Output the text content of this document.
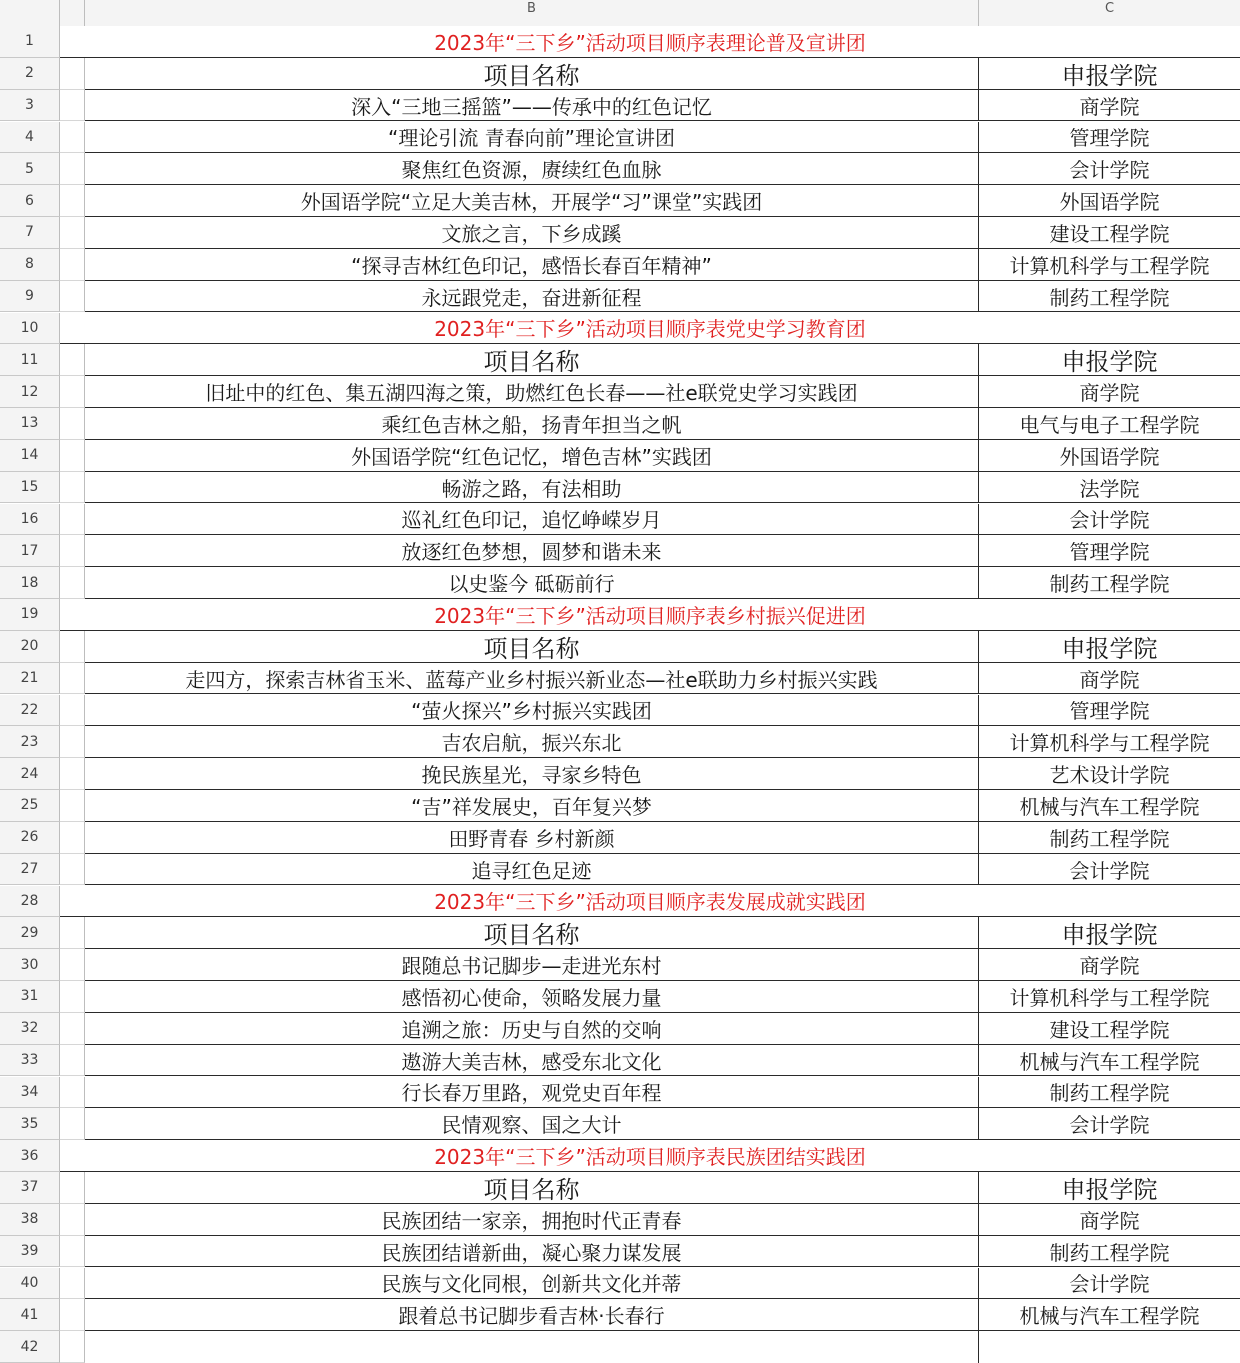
B	C
1	2023年“三下乡”活动项目顺序表理论普及宣讲团
2	项目名称	申报学院
3	深入“三地三摇篮”——传承中的红色记忆	商学院
4	“理论引流 青春向前”理论宣讲团	管理学院
5	聚焦红色资源，赓续红色血脉	会计学院
6	外国语学院“立足大美吉林，开展学“习”课堂”实践团	外国语学院
7	文旅之言，下乡成蹊	建设工程学院
8	“探寻吉林红色印记，感悟长春百年精神”	计算机科学与工程学院
9	永远跟党走，奋进新征程	制药工程学院
10	2023年“三下乡”活动项目顺序表党史学习教育团
11	项目名称	申报学院
12	旧址中的红色、集五湖四海之策，助燃红色长春——社e联党史学习实践团	商学院
13	乘红色吉林之船，扬青年担当之帆	电气与电子工程学院
14	外国语学院“红色记忆，增色吉林”实践团	外国语学院
15	畅游之路，有法相助	法学院
16	巡礼红色印记，追忆峥嵘岁月	会计学院
17	放逐红色梦想，圆梦和谐未来	管理学院
18	以史鉴今 砥砺前行	制药工程学院
19	2023年“三下乡”活动项目顺序表乡村振兴促进团
20	项目名称	申报学院
21	走四方，探索吉林省玉米、蓝莓产业乡村振兴新业态—社e联助力乡村振兴实践	商学院
22	“萤火探兴”乡村振兴实践团	管理学院
23	吉农启航，振兴东北	计算机科学与工程学院
24	挽民族星光，寻家乡特色	艺术设计学院
25	“吉”祥发展史，百年复兴梦	机械与汽车工程学院
26	田野青春 乡村新颜	制药工程学院
27	追寻红色足迹	会计学院
28	2023年“三下乡”活动项目顺序表发展成就实践团
29	项目名称	申报学院
30	跟随总书记脚步—走进光东村	商学院
31	感悟初心使命，领略发展力量	计算机科学与工程学院
32	追溯之旅：历史与自然的交响	建设工程学院
33	遨游大美吉林，感受东北文化	机械与汽车工程学院
34	行长春万里路，观党史百年程	制药工程学院
35	民情观察、国之大计	会计学院
36	2023年“三下乡”活动项目顺序表民族团结实践团
37	项目名称	申报学院
38	民族团结一家亲，拥抱时代正青春	商学院
39	民族团结谱新曲，凝心聚力谋发展	制药工程学院
40	民族与文化同根，创新共文化并蒂	会计学院
41	跟着总书记脚步看吉林·长春行	机械与汽车工程学院
42
